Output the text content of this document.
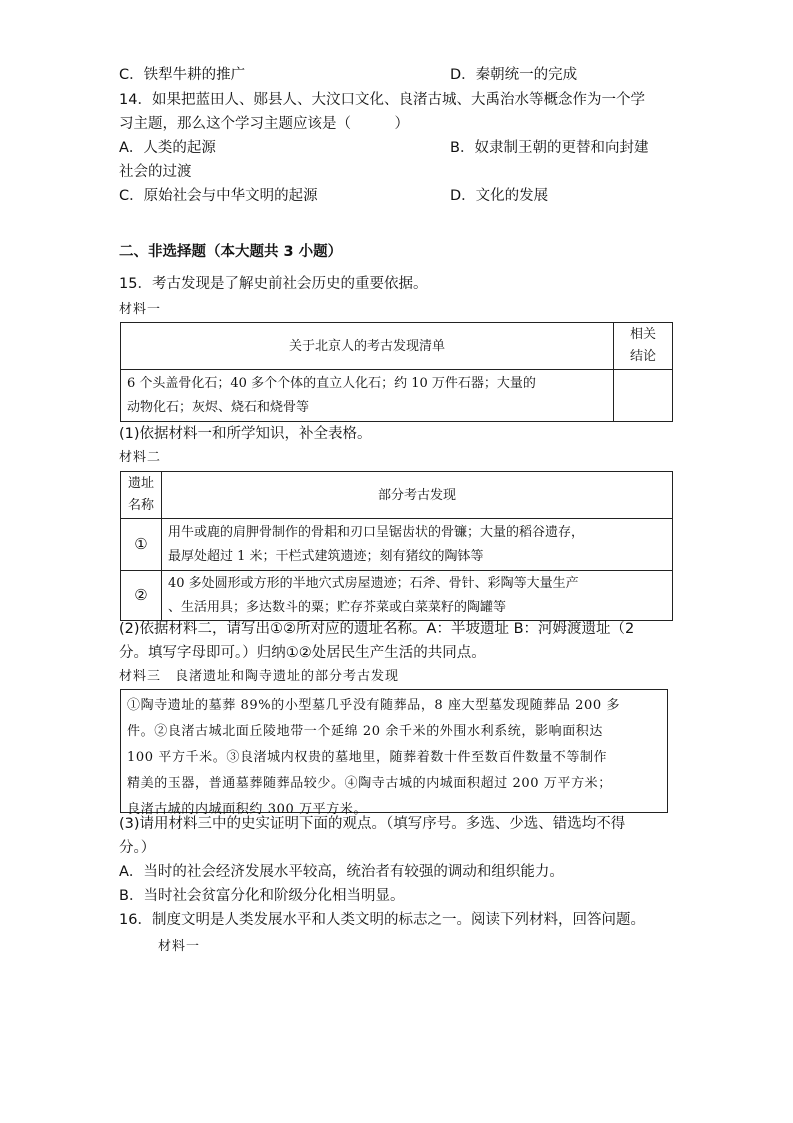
C．铁犁牛耕的推广	D．秦朝统一的完成
14．如果把蓝田人、郧县人、大汶口文化、良渚古城、大禹治水等概念作为一个学
习主题，那么这个学习主题应该是（　　　）
A．人类的起源	B．奴隶制王朝的更替和向封建
社会的过渡
C．原始社会与中华文明的起源	D．文化的发展
二、非选择题（本大题共 3 小题）
15．考古发现是了解史前社会历史的重要依据。
材料一
关于北京人的考古发现清单	相关
结论

6 个头盖骨化石；40 多个个体的直立人化石；约 10 万件石器；大量的
动物化石；灰烬、烧石和烧骨等	

(1)依据材料一和所学知识，补全表格。
材料二
遗址
名称	部分考古发现
①	用牛或鹿的肩胛骨制作的骨耜和刃口呈锯齿状的骨镰；大量的稻谷遗存，
最厚处超过 1 米；干栏式建筑遗迹；刻有猪纹的陶钵等

②	40 多处圆形或方形的半地穴式房屋遗迹；石斧、骨针、彩陶等大量生产
、生活用具；多达数斗的粟；贮存芥菜或白菜菜籽的陶罐等
(2)依据材料二，请写出①②所对应的遗址名称。A：半坡遗址 B：河姆渡遗址（2
分。填写字母即可。）归纳①②处居民生产生活的共同点。
材料三　良渚遗址和陶寺遗址的部分考古发现
①陶寺遗址的墓葬 89%的小型墓几乎没有随葬品，8 座大型墓发现随葬品 200 多
件。②良渚古城北面丘陵地带一个延绵 20 余千米的外围水利系统，影响面积达
100 平方千米。③良渚城内权贵的墓地里，随葬着数十件至数百件数量不等制作
精美的玉器，普通墓葬随葬品较少。④陶寺古城的内城面积超过 200 万平方米；
良渚古城的内城面积约 300 万平方米。
(3)请用材料三中的史实证明下面的观点。（填写序号。多选、少选、错选均不得
分。）
A．当时的社会经济发展水平较高，统治者有较强的调动和组织能力。
B．当时社会贫富分化和阶级分化相当明显。
16．制度文明是人类发展水平和人类文明的标志之一。阅读下列材料，回答问题。
材料一
